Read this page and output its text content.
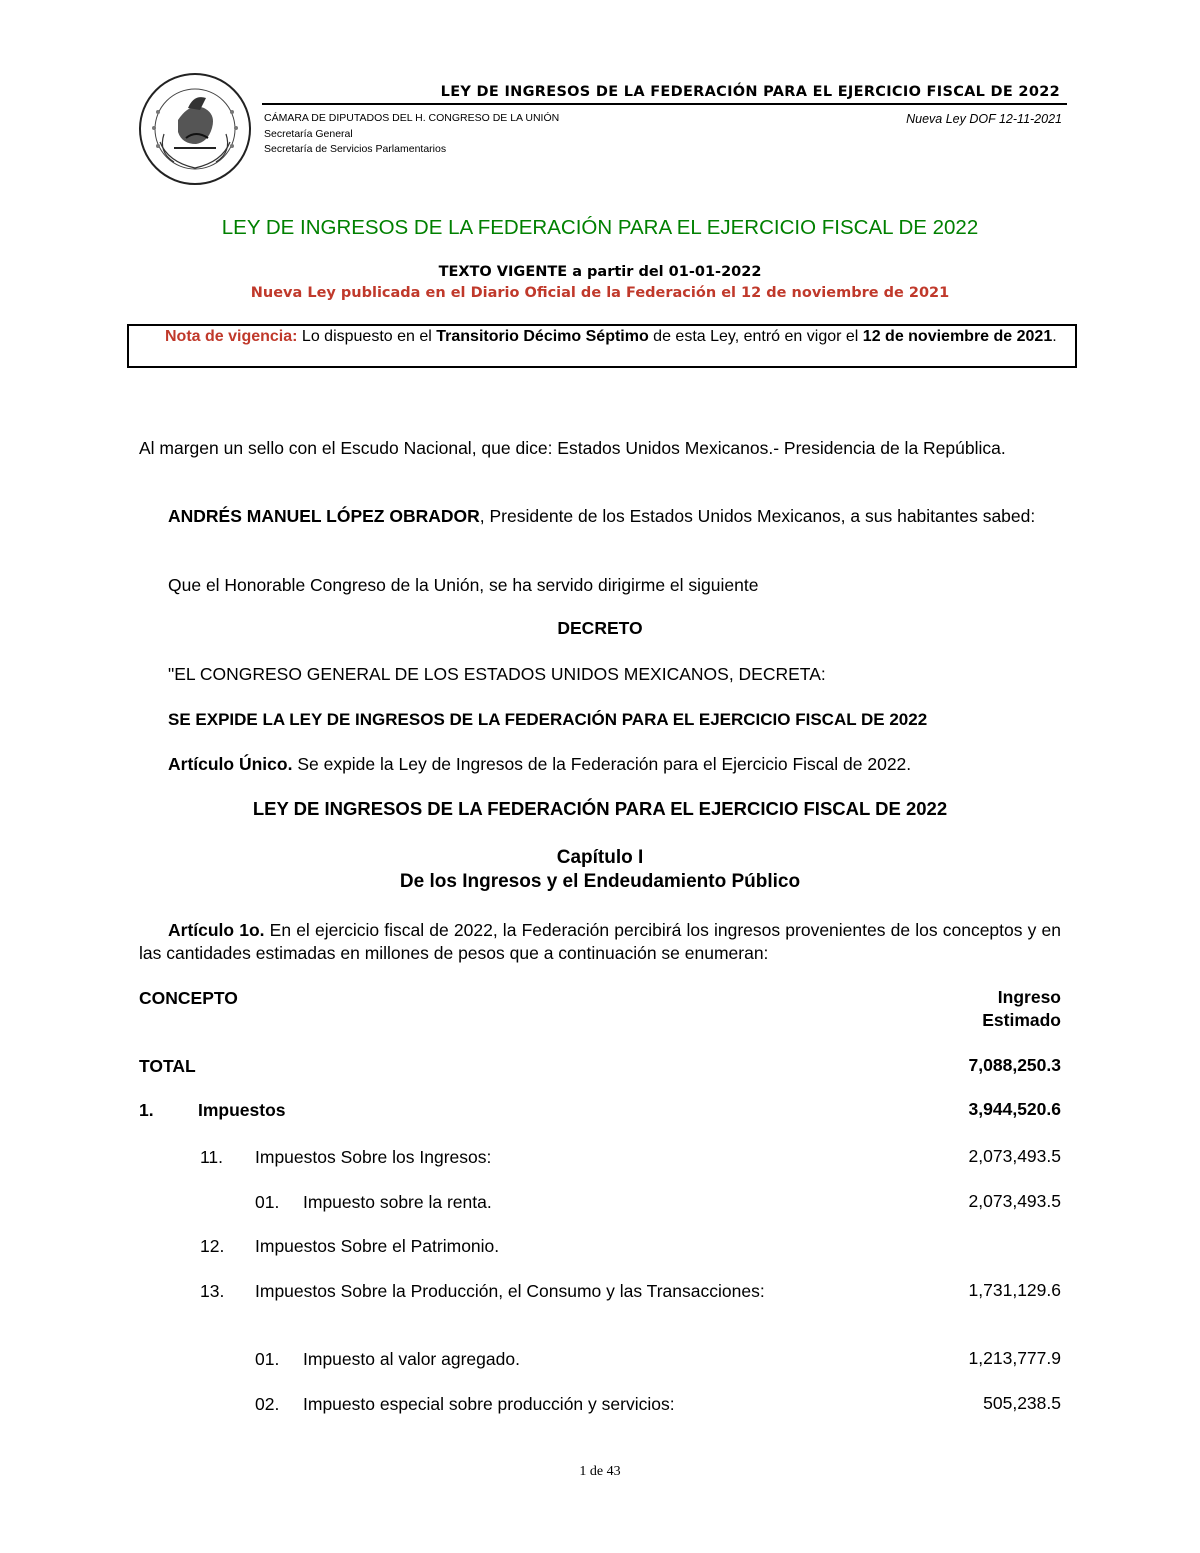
LEY DE INGRESOS DE LA FEDERACIÓN PARA EL EJERCICIO FISCAL DE 2022
CÁMARA DE DIPUTADOS DEL H. CONGRESO DE LA UNIÓN
Secretaría General
Secretaría de Servicios Parlamentarios
Nueva Ley DOF 12-11-2021
LEY DE INGRESOS DE LA FEDERACIÓN PARA EL EJERCICIO FISCAL DE 2022
TEXTO VIGENTE a partir del 01-01-2022
Nueva Ley publicada en el Diario Oficial de la Federación el 12 de noviembre de 2021
Nota de vigencia: Lo dispuesto en el Transitorio Décimo Séptimo de esta Ley, entró en vigor el 12 de noviembre de 2021.
Al margen un sello con el Escudo Nacional, que dice: Estados Unidos Mexicanos.- Presidencia de la República.
ANDRÉS MANUEL LÓPEZ OBRADOR, Presidente de los Estados Unidos Mexicanos, a sus habitantes sabed:
Que el Honorable Congreso de la Unión, se ha servido dirigirme el siguiente
DECRETO
"EL CONGRESO GENERAL DE LOS ESTADOS UNIDOS MEXICANOS, DECRETA:
SE EXPIDE LA LEY DE INGRESOS DE LA FEDERACIÓN PARA EL EJERCICIO FISCAL DE 2022
Artículo Único. Se expide la Ley de Ingresos de la Federación para el Ejercicio Fiscal de 2022.
LEY DE INGRESOS DE LA FEDERACIÓN PARA EL EJERCICIO FISCAL DE 2022
Capítulo I
De los Ingresos y el Endeudamiento Público
Artículo 1o. En el ejercicio fiscal de 2022, la Federación percibirá los ingresos provenientes de los conceptos y en las cantidades estimadas en millones de pesos que a continuación se enumeran:
CONCEPTO	Ingreso
Estimado
TOTAL	7,088,250.3
1.	Impuestos	3,944,520.6
11. Impuestos Sobre los Ingresos:	2,073,493.5
01. Impuesto sobre la renta.	2,073,493.5
12. Impuestos Sobre el Patrimonio.
13. Impuestos Sobre la Producción, el Consumo y las Transacciones:	1,731,129.6
01. Impuesto al valor agregado.	1,213,777.9
02. Impuesto especial sobre producción y servicios:	505,238.5
1 de 43
